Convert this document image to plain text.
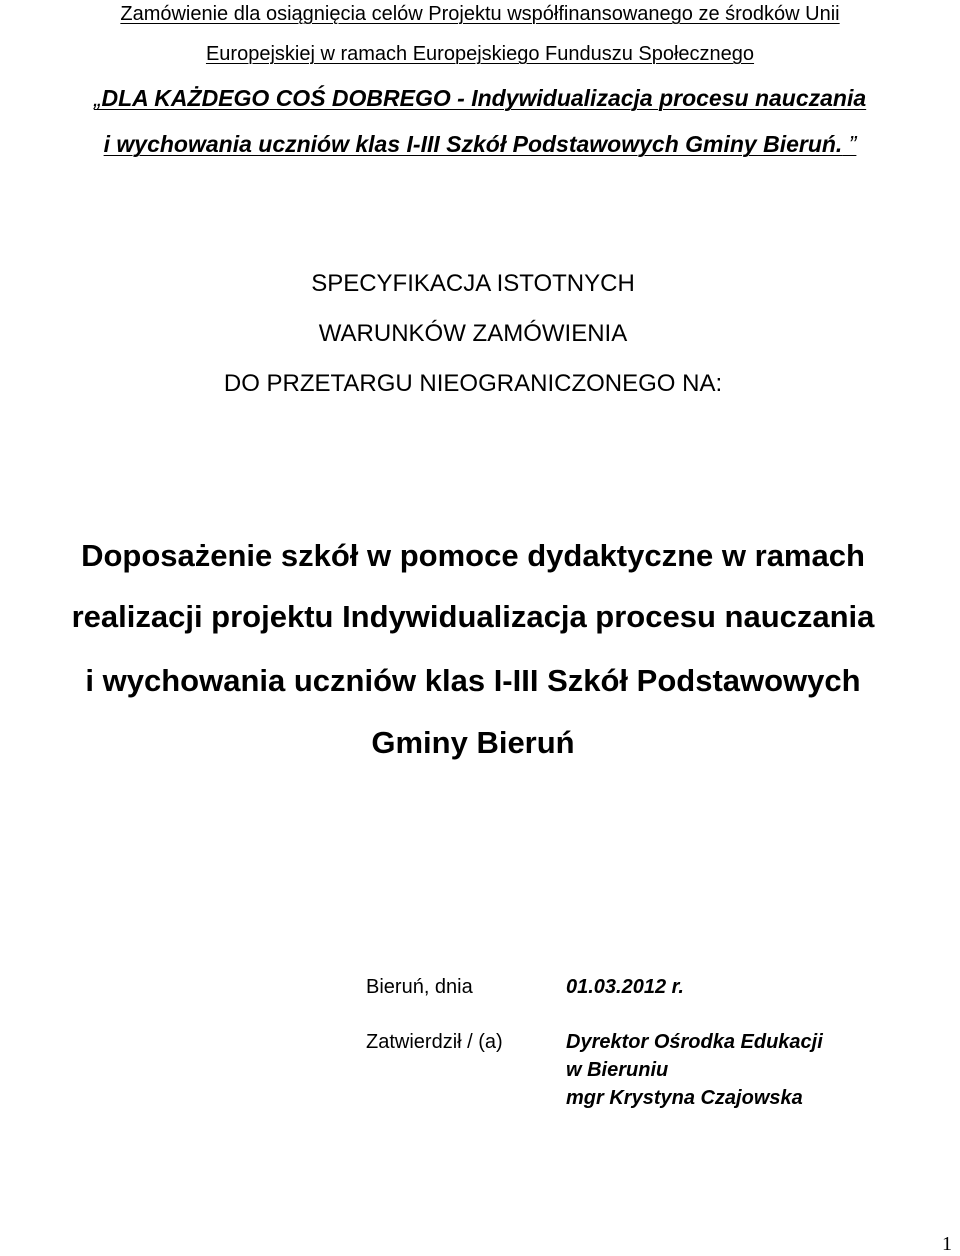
Zamówienie dla osiągnięcia celów Projektu współfinansowanego ze środków Unii
Europejskiej w ramach Europejskiego Funduszu Społecznego
„DLA KAŻDEGO COŚ DOBREGO - Indywidualizacja procesu nauczania
i wychowania uczniów klas I-III Szkół Podstawowych Gminy Bieruń. ”
SPECYFIKACJA ISTOTNYCH
WARUNKÓW ZAMÓWIENIA
DO PRZETARGU NIEOGRANICZONEGO NA:
Doposażenie szkół w pomoce dydaktyczne w ramach
realizacji projektu Indywidualizacja procesu nauczania
i wychowania uczniów klas I-III Szkół Podstawowych
Gminy Bieruń
Bieruń, dnia	01.03.2012 r.
Zatwierdził / (a)	Dyrektor Ośrodka Edukacji
w Bieruniu
mgr Krystyna Czajowska
1
